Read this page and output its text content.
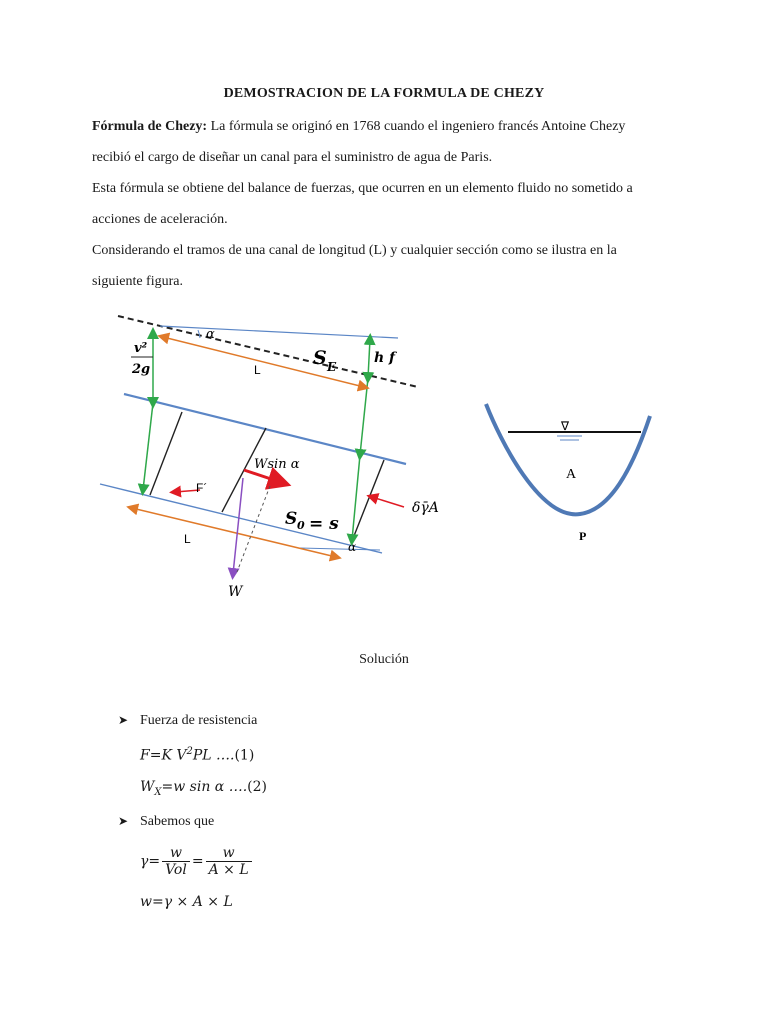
DEMOSTRACION DE LA FORMULA DE CHEZY
Fórmula de Chezy: La fórmula se originó en 1768 cuando el ingeniero francés Antoine Chezy
recibió el cargo de diseñar un canal para el suministro de agua de Paris.
Esta fórmula se obtiene del balance de fuerzas, que ocurren en un elemento fluido no sometido a
acciones de aceleración.
Considerando el tramos de una canal de longitud (L) y cualquier sección como se ilustra en la
siguiente figura.
α
α
v²
2g
S E
h f
L
L
Wsin α
F´
W
S 0 = s
δγ̄A
∇
A
P
Solución
➤ Fuerza de resistencia
F=K $V^2PL$ ….(1)
$W_X=w$ sin α ….(2)
➤ Sabemos que
$\gamma= \frac{w}{\text{Vol}} = \frac{w}{A \times L}$
w=γ × A × L
